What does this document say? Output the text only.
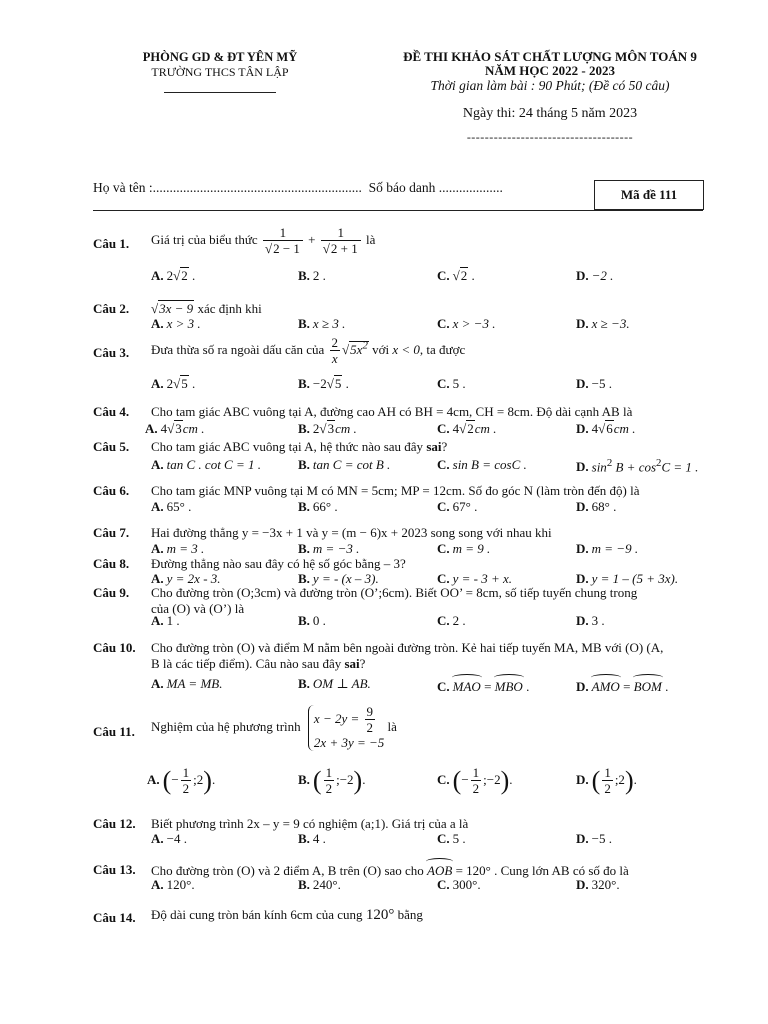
PHÒNG GD & ĐT YÊN MỸ
TRƯỜNG THCS TÂN LẬP
ĐỀ THI KHẢO SÁT CHẤT LƯỢNG MÔN TOÁN 9
NĂM HỌC 2022 - 2023
Thời gian làm bài : 90 Phút; (Đề có 50 câu)
Ngày thi: 24 tháng 5 năm 2023
-------------------------------------
Họ và tên :.............................................................. Số báo danh ...................	Mã đề 111
Câu 1. Giá trị của biểu thức $\frac{1}{√2 - 1} + \frac{1}{√2 + 1}$ là
A. 2√2 .	B. 2 .	C. √2 .	D. −2 .
Câu 2. √3x − 9 xác định khi
A. x > 3 .	B. x ≥ 3 .	C. x > −3 .	D. x ≥ −3.
Câu 3. Đưa thừa số ra ngoài dấu căn của $\frac{2}{x} √5x^2$ với x < 0, ta được
A. 2√5 .	B. −2√5 .	C. 5 .	D. −5 .
Câu 4. Cho tam giác ABC vuông tại A, đường cao AH có BH = 4cm, CH = 8cm. Độ dài cạnh AB là
A. 4√3cm .	B. 2√3cm .	C. 4√2cm .	D. 4√6cm .
Câu 5. Cho tam giác ABC vuông tại A, hệ thức nào sau đây sai?
A. tan C . cot C = 1 .	B. tan C = cot B .	C. sin B = cosC .	D. $\sin^2 B + \cos^2C = 1$ .
Câu 6. Cho tam giác MNP vuông tại M có MN = 5cm; MP = 12cm. Số đo góc N (làm tròn đến độ) là
A. 65° .	B. 66° .	C. 67° .	D. 68° .
Câu 7. Hai đường thẳng y = −3x + 1 và y = (m − 6)x + 2023 song song với nhau khi
A. m = 3 .	B. m = −3 .	C. m = 9 .	D. m = −9 .
Câu 8. Đường thẳng nào sau đây có hệ số góc bằng – 3?
A. y = 2x - 3.	B. y = - (x – 3).	C. y = - 3 + x.	D. y = 1 – (5 + 3x).
Câu 9. Cho đường tròn (O;3cm) và đường tròn (O’;6cm). Biết OO’ = 8cm, số tiếp tuyến chung trong
của (O) và (O’) là
A. 1 .	B. 0 .	C. 2 .	D. 3 .
Câu 10. Cho đường tròn (O) và điểm M nằm bên ngoài đường tròn. Kẻ hai tiếp tuyến MA, MB với (O) (A,
B là các tiếp điểm). Câu nào sau đây sai?
A. MA = MB.	B. OM ⊥ AB.	C. MAO = MBO .	D. AMO = BOM .
Câu 11. Nghiệm của hệ phương trình
$x - 2y = \frac{9}{2}$
2x + 3y = −5
là
A. (− $\frac{1}{2}$ ;2).	B. ( $\frac{1}{2}$ ;−2).	C. (− $\frac{1}{2}$ ;−2).	D. ( $\frac{1}{2}$ ;2).
Câu 12. Biết phương trình 2x – y = 9 có nghiệm (a;1). Giá trị của a là
A. −4 .	B. 4 .	C. 5 .	D. −5 .
Câu 13. Cho đường tròn (O) và 2 điểm A, B trên (O) sao cho AOB = 120° . Cung lớn AB có số đo là
A. 120°.	B. 240°.	C. 300°.	D. 320°.
Câu 14. Độ dài cung tròn bán kính 6cm của cung 120° bằng
